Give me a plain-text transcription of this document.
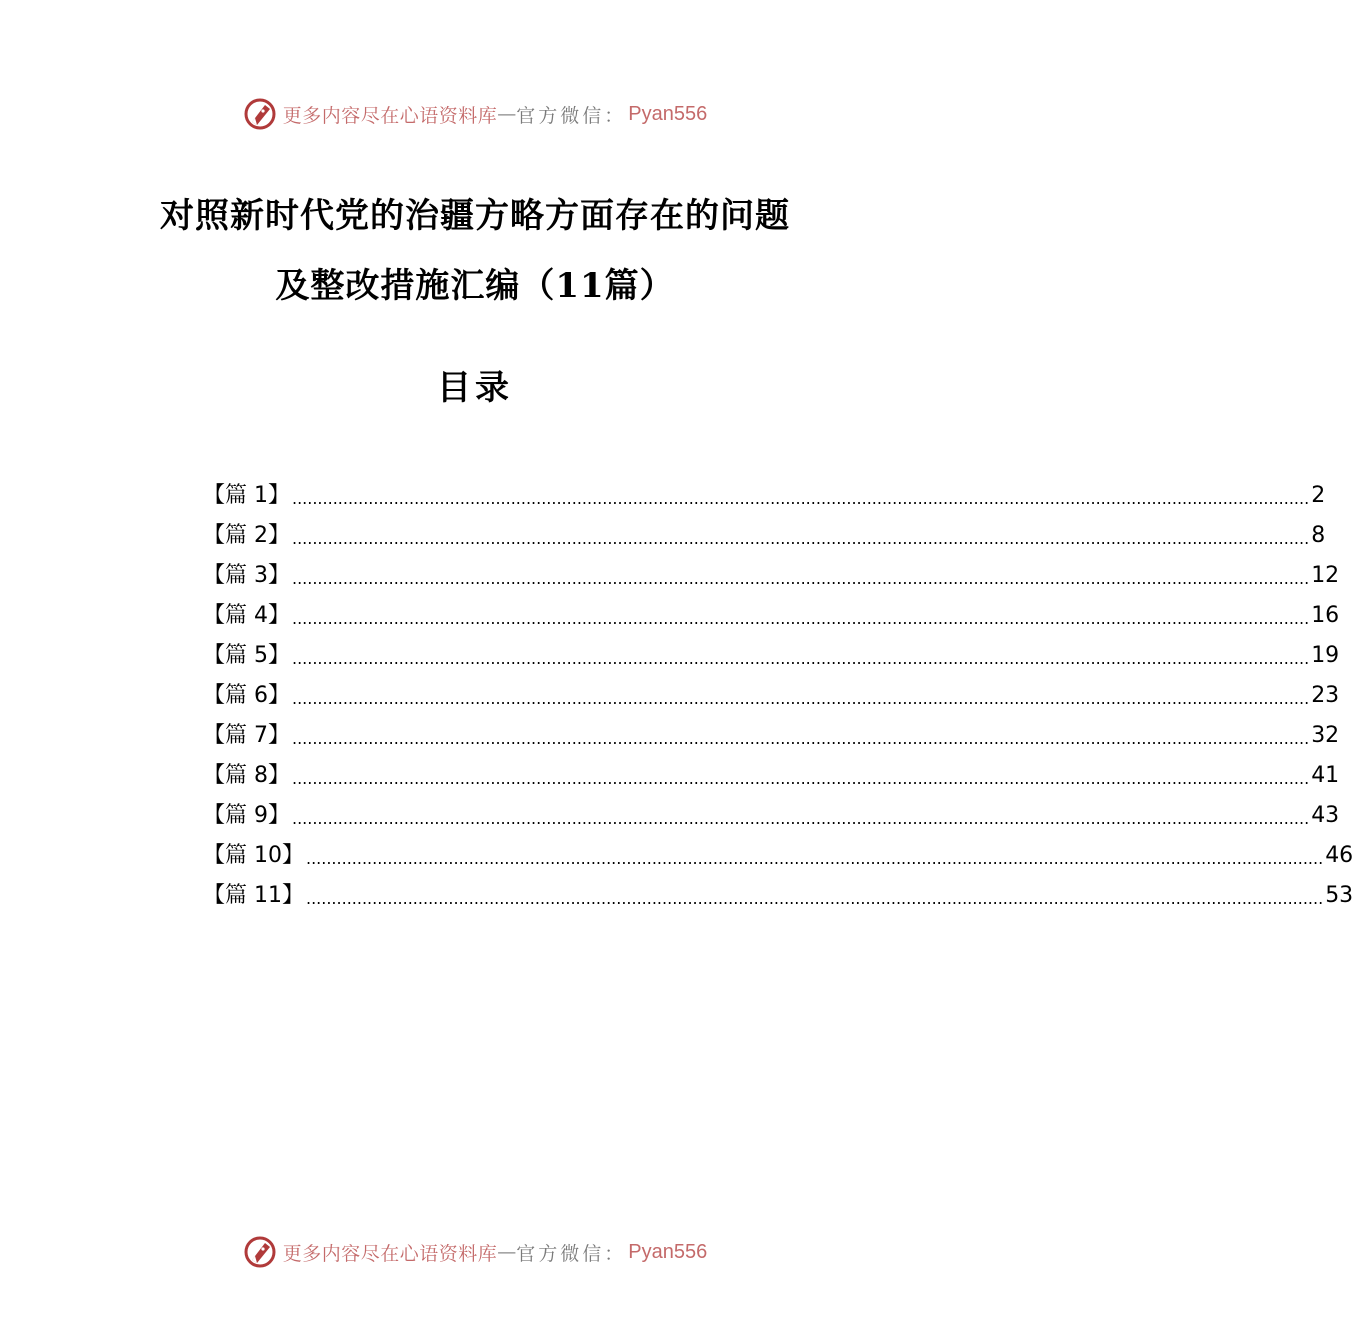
更多内容尽在心语资料库 — 官方微信： Pyan556
对照新时代党的治疆方略方面存在的问题
及整改措施汇编（11篇）
目录
【篇 1】 ........................................................................................................................................................................................................ 2
【篇 2】 ........................................................................................................................................................................................................ 8
【篇 3】 ........................................................................................................................................................................................................ 12
【篇 4】 ........................................................................................................................................................................................................ 16
【篇 5】 ........................................................................................................................................................................................................ 19
【篇 6】 ........................................................................................................................................................................................................ 23
【篇 7】 ........................................................................................................................................................................................................ 32
【篇 8】 ........................................................................................................................................................................................................ 41
【篇 9】 ........................................................................................................................................................................................................ 43
【篇 10】 ........................................................................................................................................................................................................ 46
【篇 11】 ........................................................................................................................................................................................................ 53
更多内容尽在心语资料库 — 官方微信： Pyan556
